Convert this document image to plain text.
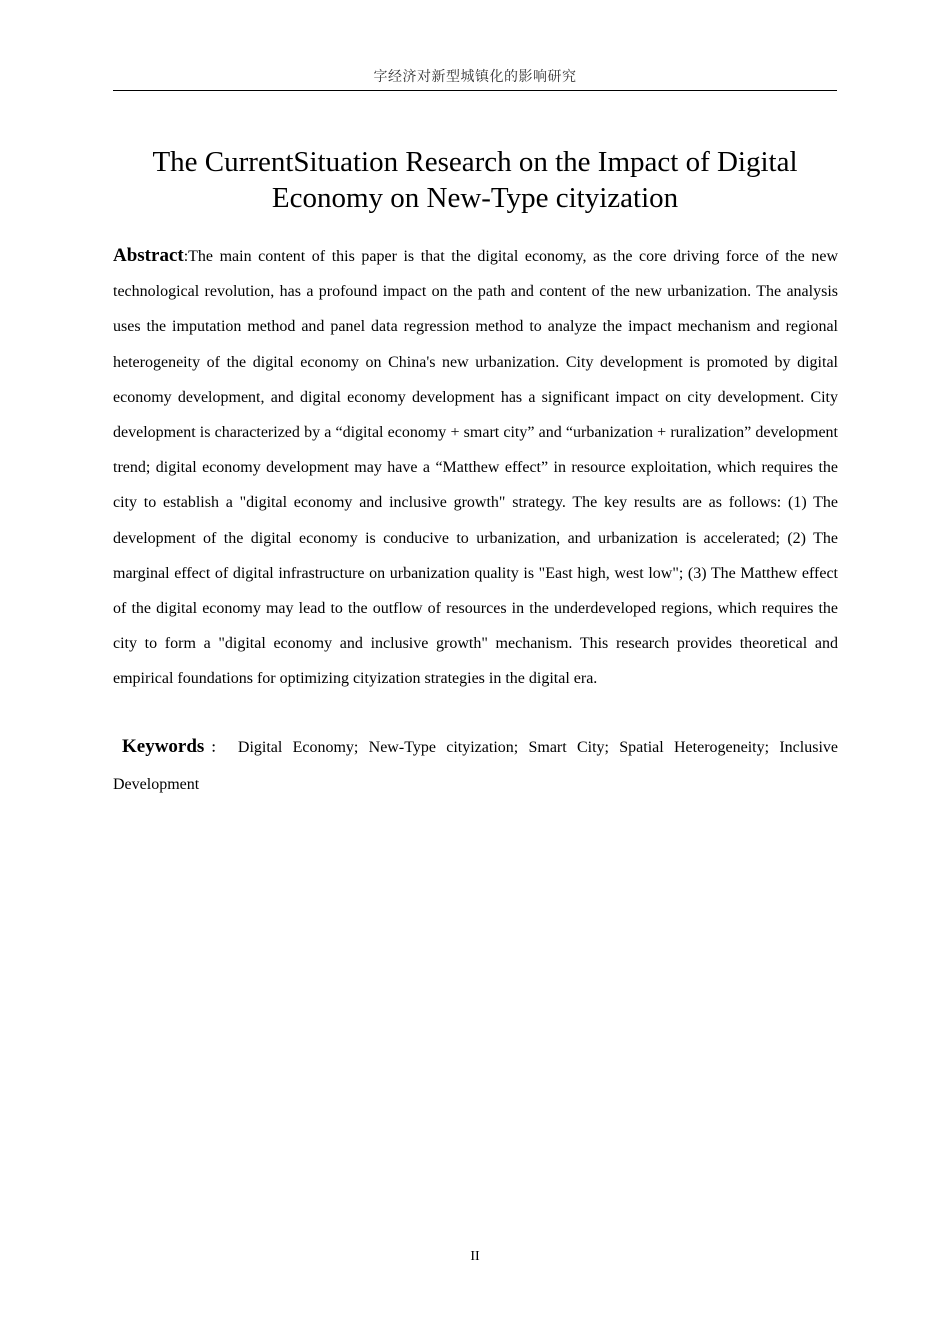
字经济对新型城镇化的影响研究
The CurrentSituation Research on the Impact of Digital
Economy on New-Type cityization

Abstract:The main content of this paper is that the digital economy, as the core driving force of the new technological revolution, has a profound impact on the path and content of the new urbanization. The analysis uses the imputation method and panel data regression method to analyze the impact mechanism and regional heterogeneity of the digital economy on China's new urbanization. City development is promoted by digital economy development, and digital economy development has a significant impact on city development. City development is characterized by a “digital economy + smart city” and “urbanization + ruralization” development trend; digital economy development may have a “Matthew effect” in resource exploitation, which requires the city to establish a "digital economy and inclusive growth" strategy. The key results are as follows: (1) The development of the digital economy is conducive to urbanization, and urbanization is accelerated; (2) The marginal effect of digital infrastructure on urbanization quality is "East high, west low"; (3) The Matthew effect of the digital economy may lead to the outflow of resources in the underdeveloped regions, which requires the city to form a "digital economy and inclusive growth" mechanism. This research provides theoretical and empirical foundations for optimizing cityization strategies in the digital era.

Keywords： Digital Economy; New-Type cityization; Smart City; Spatial Heterogeneity; Inclusive Development

II
